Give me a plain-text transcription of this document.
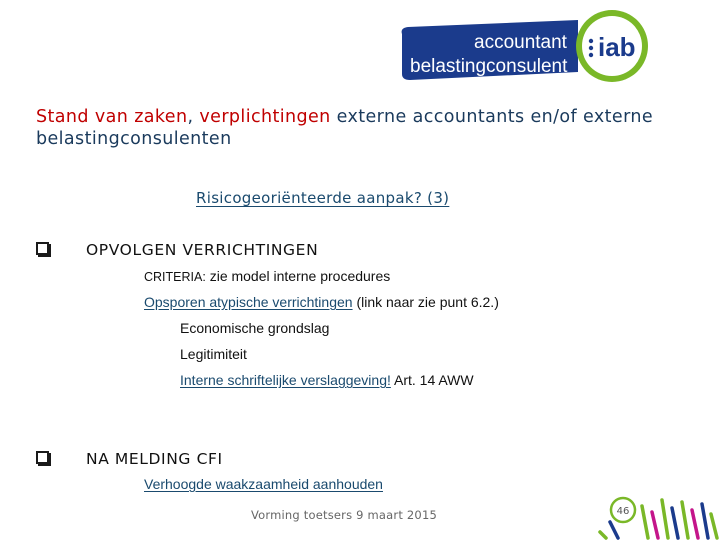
accountant
belastingconsulent
iab
Stand van zaken, verplichtingen externe accountants en/of externe belastingconsulenten
Risicogeoriënteerde aanpak? (3)
OPVOLGEN VERRICHTINGEN
CRITERIA: zie model interne procedures
Opsporen atypische verrichtingen (link naar zie punt 6.2.)
Economische grondslag
Legitimiteit
Interne schriftelijke verslaggeving! Art. 14 AWW
NA MELDING CFI
Verhoogde waakzaamheid aanhouden
Vorming toetsers 9 maart 2015	46
